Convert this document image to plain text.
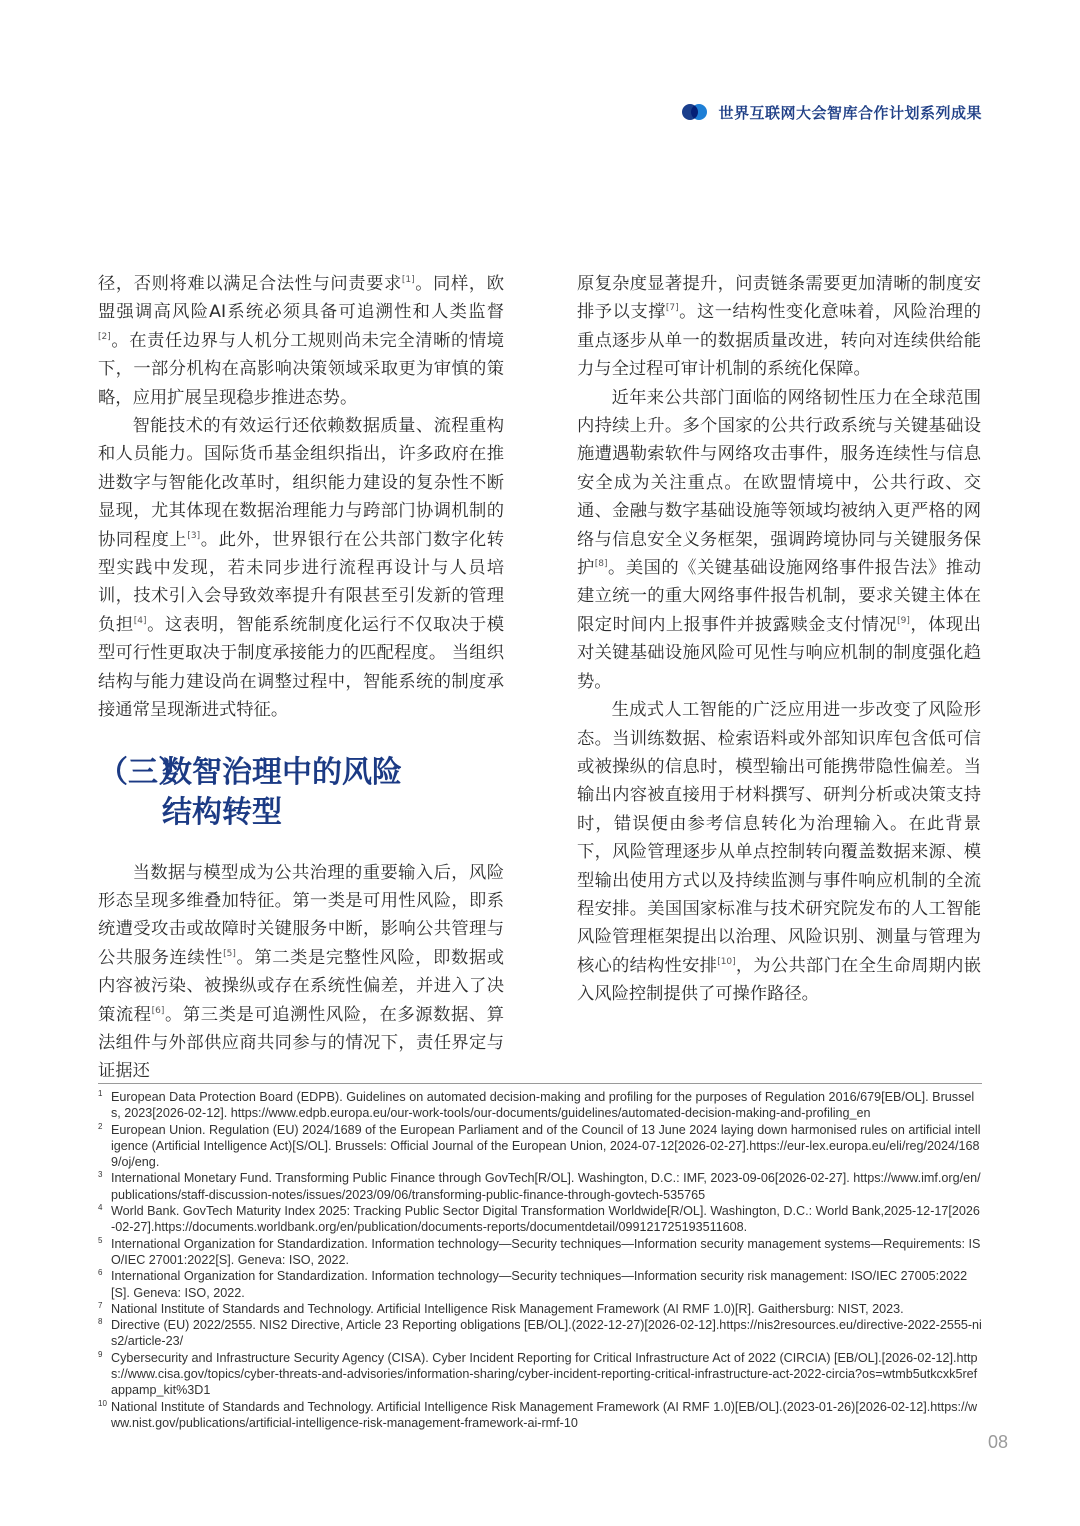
世界互联网大会智库合作计划系列成果

径，否则将难以满足合法性与问责要求[1]。同样，欧盟强调高风险AI系统必须具备可追溯性和人类监督[2]。在责任边界与人机分工规则尚未完全清晰的情境下，一部分机构在高影响决策领域采取更为审慎的策略，应用扩展呈现稳步推进态势。

智能技术的有效运行还依赖数据质量、流程重构和人员能力。国际货币基金组织指出，许多政府在推进数字与智能化改革时，组织能力建设的复杂性不断显现，尤其体现在数据治理能力与跨部门协调机制的协同程度上[3]。此外，世界银行在公共部门数字化转型实践中发现，若未同步进行流程再设计与人员培训，技术引入会导致效率提升有限甚至引发新的管理负担[4]。这表明，智能系统制度化运行不仅取决于模型可行性更取决于制度承接能力的匹配程度。 当组织结构与能力建设尚在调整过程中，智能系统的制度承接通常呈现渐进式特征。

（三）数智治理中的风险
结构转型

当数据与模型成为公共治理的重要输入后，风险形态呈现多维叠加特征。第一类是可用性风险，即系统遭受攻击或故障时关键服务中断，影响公共管理与公共服务连续性[5]。第二类是完整性风险，即数据或内容被污染、被操纵或存在系统性偏差，并进入了决策流程[6]。第三类是可追溯性风险，在多源数据、算法组件与外部供应商共同参与的情况下，责任界定与证据还

原复杂度显著提升，问责链条需要更加清晰的制度安排予以支撑[7]。这一结构性变化意味着，风险治理的重点逐步从单一的数据质量改进，转向对连续供给能力与全过程可审计机制的系统化保障。

近年来公共部门面临的网络韧性压力在全球范围内持续上升。多个国家的公共行政系统与关键基础设施遭遇勒索软件与网络攻击事件，服务连续性与信息安全成为关注重点。在欧盟情境中，公共行政、交通、金融与数字基础设施等领域均被纳入更严格的网络与信息安全义务框架，强调跨境协同与关键服务保护[8]。美国的《关键基础设施网络事件报告法》推动建立统一的重大网络事件报告机制，要求关键主体在限定时间内上报事件并披露赎金支付情况[9]，体现出对关键基础设施风险可见性与响应机制的制度强化趋势。

生成式人工智能的广泛应用进一步改变了风险形态。当训练数据、检索语料或外部知识库包含低可信或被操纵的信息时，模型输出可能携带隐性偏差。当输出内容被直接用于材料撰写、研判分析或决策支持时，错误便由参考信息转化为治理输入。在此背景下，风险管理逐步从单点控制转向覆盖数据来源、模型输出使用方式以及持续监测与事件响应机制的全流程安排。美国国家标准与技术研究院发布的人工智能风险管理框架提出以治理、风险识别、测量与管理为核心的结构性安排[10]，为公共部门在全生命周期内嵌入风险控制提供了可操作路径。

1 European Data Protection Board (EDPB). Guidelines on automated decision-making and profiling for the purposes of Regulation 2016/679[EB/OL]. Brussels, 2023[2026-02-12]. https://www.edpb.europa.eu/our-work-tools/our-documents/guidelines/automated-decision-making-and-profiling_en
2 European Union. Regulation (EU) 2024/1689 of the European Parliament and of the Council of 13 June 2024 laying down harmonised rules on artificial intelligence (Artificial Intelligence Act)[S/OL]. Brussels: Official Journal of the European Union, 2024-07-12[2026-02-27].https://eur-lex.europa.eu/eli/reg/2024/1689/oj/eng.
3 International Monetary Fund. Transforming Public Finance through GovTech[R/OL]. Washington, D.C.: IMF, 2023-09-06[2026-02-27]. https://www.imf.org/en/publications/staff-discussion-notes/issues/2023/09/06/transforming-public-finance-through-govtech-535765
4 World Bank. GovTech Maturity Index 2025: Tracking Public Sector Digital Transformation Worldwide[R/OL]. Washington, D.C.: World Bank,2025-12-17[2026-02-27].https://documents.worldbank.org/en/publication/documents-reports/documentdetail/099121725193511608.
5 International Organization for Standardization. Information technology—Security techniques—Information security management systems—Requirements: ISO/IEC 27001:2022[S]. Geneva: ISO, 2022.
6 International Organization for Standardization. Information technology—Security techniques—Information security risk management: ISO/IEC 27005:2022[S]. Geneva: ISO, 2022.
7 National Institute of Standards and Technology. Artificial Intelligence Risk Management Framework (AI RMF 1.0)[R]. Gaithersburg: NIST, 2023.
8 Directive (EU) 2022/2555. NIS2 Directive, Article 23 Reporting obligations [EB/OL].(2022-12-27)[2026-02-12].https://nis2resources.eu/directive-2022-2555-nis2/article-23/
9 Cybersecurity and Infrastructure Security Agency (CISA). Cyber Incident Reporting for Critical Infrastructure Act of 2022 (CIRCIA) [EB/OL].[2026-02-12].https://www.cisa.gov/topics/cyber-threats-and-advisories/information-sharing/cyber-incident-reporting-critical-infrastructure-act-2022-circia?os=wtmb5utkcxk5refappamp_kit%3D1
10 National Institute of Standards and Technology. Artificial Intelligence Risk Management Framework (AI RMF 1.0)[EB/OL].(2023-01-26)[2026-02-12].https://www.nist.gov/publications/artificial-intelligence-risk-management-framework-ai-rmf-10
08
